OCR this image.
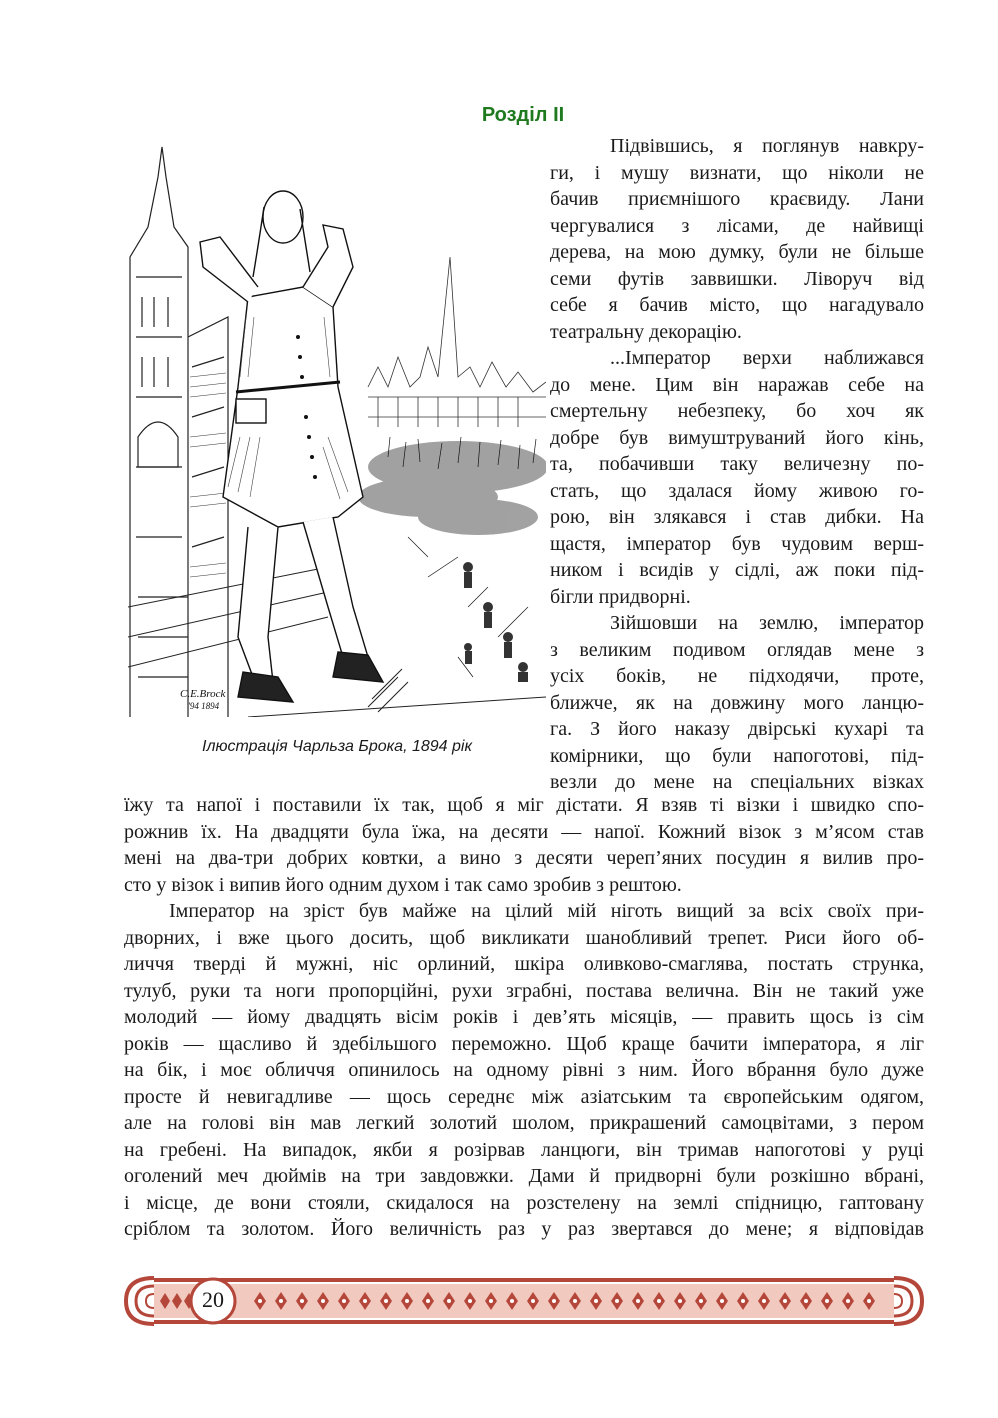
Розділ ІІ
C.E.Brock
'94 1894
Ілюстрація Чарльза Брока, 1894 рік
Підвівшись, я поглянув навкру-
ги, і мушу визнати, що ніколи не
бачив приємнішого краєвиду. Лани
чергувалися з лісами, де найвищі
дерева, на мою думку, були не більше
семи футів заввишки. Ліворуч від
себе я бачив місто, що нагадувало
театральну декорацію.
...Імператор верхи наближався
до мене. Цим він наражав себе на
смертельну небезпеку, бо хоч як
добре був вимуштруваний його кінь,
та, побачивши таку величезну по-
стать, що здалася йому живою го-
рою, він злякався і став дибки. На
щастя, імператор був чудовим верш-
ником і всидів у сідлі, аж поки під-
бігли придворні.
Зійшовши на землю, імператор
з великим подивом оглядав мене з
усіх боків, не підходячи, проте,
ближче, як на довжину мого ланцю-
га. З його наказу двірські кухарі та
комірники, що були напоготові, під-
везли до мене на спеціальних візках
їжу та напої і поставили їх так, щоб я міг дістати. Я взяв ті візки і швидко спо-
рожнив їх. На двадцяти була їжа, на десяти — напої. Кожний візок з м’ясом став
мені на два-три добрих ковтки, а вино з десяти череп’яних посудин я вилив про-
сто у візок і випив його одним духом і так само зробив з рештою.
Імператор на зріст був майже на цілий мій ніготь вищий за всіх своїх при-
дворних, і вже цього досить, щоб викликати шанобливий трепет. Риси його об-
личчя тверді й мужні, ніс орлиний, шкіра оливково-смаглява, постать струнка,
тулуб, руки та ноги пропорційні, рухи зграбні, постава велична. Він не такий уже
молодий — йому двадцять вісім років і дев’ять місяців, — править щось із сім
років — щасливо й здебільшого переможно. Щоб краще бачити імператора, я ліг
на бік, і моє обличчя опинилось на одному рівні з ним. Його вбрання було дуже
просте й невигадливе — щось середнє між азіатським та європейським одягом,
але на голові він мав легкий золотий шолом, прикрашений самоцвітами, з пером
на гребені. На випадок, якби я розірвав ланцюги, він тримав напоготові у руці
оголений меч дюймів на три завдовжки. Дами й придворні були розкішно вбрані,
і місце, де вони стояли, скидалося на розстелену на землі спідницю, гаптовану
сріблом та золотом. Його величність раз у раз звертався до мене; я відповідав
20
